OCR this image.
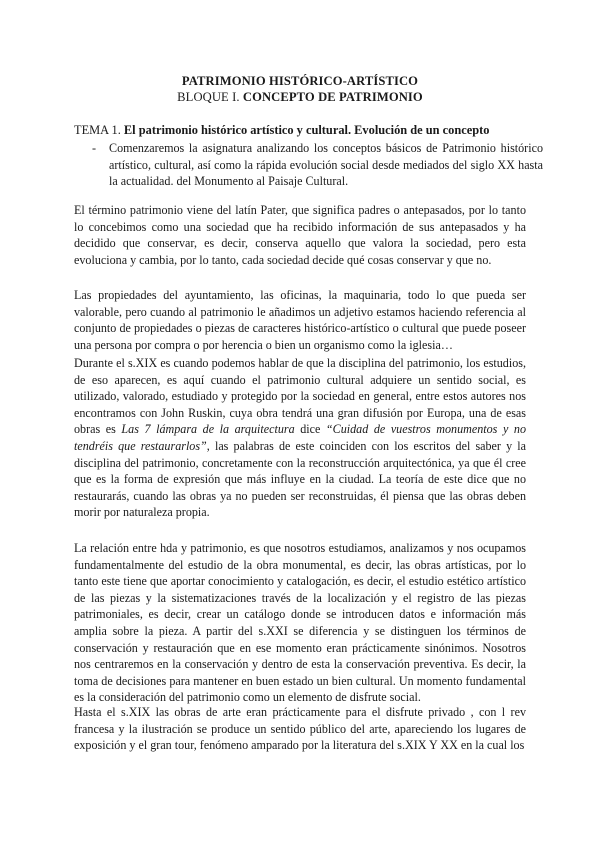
PATRIMONIO HISTÓRICO-ARTÍSTICO
BLOQUE I. CONCEPTO DE PATRIMONIO
TEMA 1. El patrimonio histórico artístico y cultural. Evolución de un concepto
- Comenzaremos la asignatura analizando los conceptos básicos de Patrimonio histórico artístico, cultural, así como la rápida evolución social desde mediados del siglo XX hasta la actualidad. del Monumento al Paisaje Cultural.
El término patrimonio viene del latín Pater, que significa padres o antepasados, por lo tanto lo concebimos como una sociedad que ha recibido información de sus antepasados y ha decidido que conservar, es decir, conserva aquello que valora la sociedad, pero esta evoluciona y cambia, por lo tanto, cada sociedad decide qué cosas conservar y que no.
Las propiedades del ayuntamiento, las oficinas, la maquinaria, todo lo que pueda ser valorable, pero cuando al patrimonio le añadimos un adjetivo estamos haciendo referencia al conjunto de propiedades o piezas de caracteres histórico-artístico o cultural que puede poseer una persona por compra o por herencia o bien un organismo como la iglesia…
Durante el s.XIX es cuando podemos hablar de que la disciplina del patrimonio, los estudios, de eso aparecen, es aquí cuando el patrimonio cultural adquiere un sentido social, es utilizado, valorado, estudiado y protegido por la sociedad en general, entre estos autores nos encontramos con John Ruskin, cuya obra tendrá una gran difusión por Europa, una de esas obras es Las 7 lámpara de la arquitectura dice “Cuidad de vuestros monumentos y no tendréis que restaurarlos”, las palabras de este coinciden con los escritos del saber y la disciplina del patrimonio, concretamente con la reconstrucción arquitectónica, ya que él cree que es la forma de expresión que más influye en la ciudad. La teoría de este dice que no restaurarás, cuando las obras ya no pueden ser reconstruidas, él piensa que las obras deben morir por naturaleza propia.
La relación entre hda y patrimonio, es que nosotros estudiamos, analizamos y nos ocupamos fundamentalmente del estudio de la obra monumental, es decir, las obras artísticas, por lo tanto este tiene que aportar conocimiento y catalogación, es decir, el estudio estético artístico de las piezas y la sistematizaciones través de la localización y el registro de las piezas patrimoniales, es decir, crear un catálogo donde se introducen datos e información más amplia sobre la pieza. A partir del s.XXI se diferencia y se distinguen los términos de conservación y restauración que en ese momento eran prácticamente sinónimos. Nosotros nos centraremos en la conservación y dentro de esta la conservación preventiva. Es decir, la toma de decisiones para mantener en buen estado un bien cultural. Un momento fundamental es la consideración del patrimonio como un elemento de disfrute social.
Hasta el s.XIX las obras de arte eran prácticamente para el disfrute privado , con l rev francesa y la ilustración se produce un sentido público del arte, apareciendo los lugares de exposición y el gran tour, fenómeno amparado por la literatura del s.XIX Y XX en la cual los
